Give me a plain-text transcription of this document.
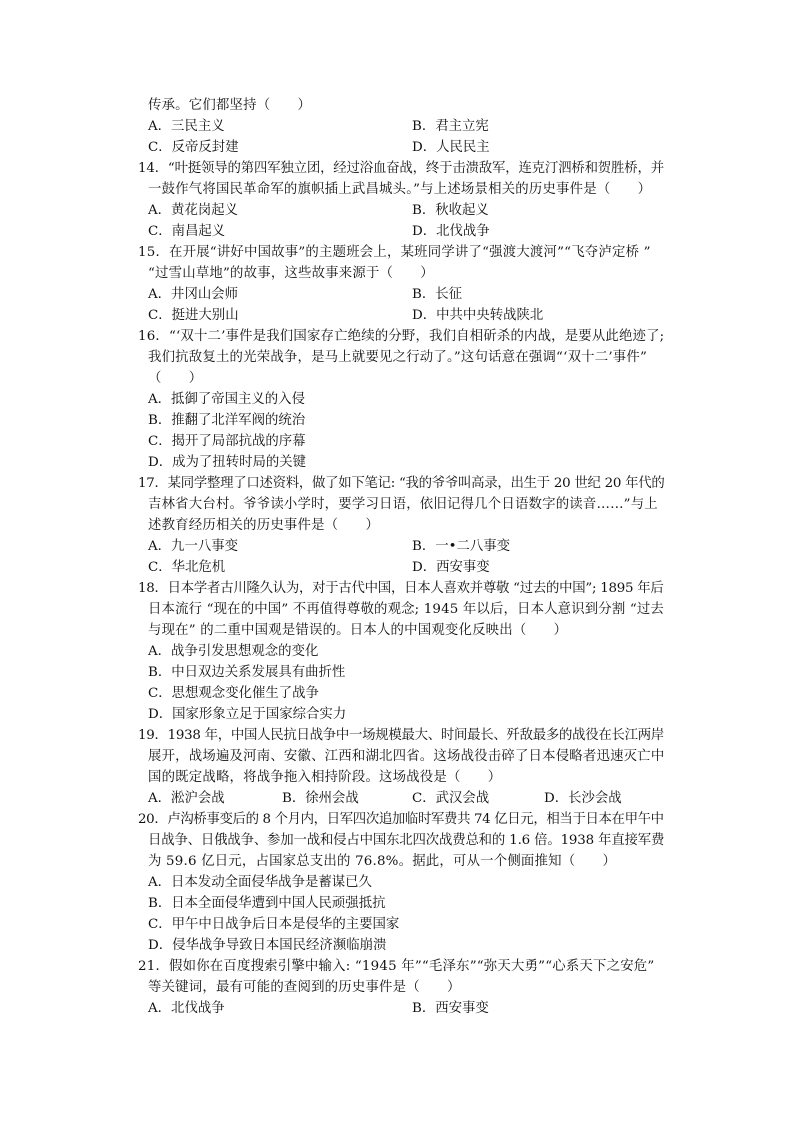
传承。它们都坚持（　　）
A．三民主义	B．君主立宪
C．反帝反封建	D．人民民主
14．“叶挺领导的第四军独立团，经过浴血奋战，终于击溃敌军，连克汀泗桥和贺胜桥，并
一鼓作气将国民革命军的旗帜插上武昌城头。”与上述场景相关的历史事件是（　　）
A．黄花岗起义	B．秋收起义
C．南昌起义	D．北伐战争
15．在开展“讲好中国故事”的主题班会上，某班同学讲了“强渡大渡河”“飞夺泸定桥 ”
“过雪山草地”的故事，这些故事来源于（　　）
A．井冈山会师	B．长征
C．挺进大别山	D．中共中央转战陕北
16．“‘双十二’事件是我们国家存亡绝续的分野，我们自相斫杀的内战，是要从此绝迹了;
我们抗敌复土的光荣战争，是马上就要见之行动了。”这句话意在强调“‘双十二’事件”
（　　）
A．抵御了帝国主义的入侵
B．推翻了北洋军阀的统治
C．揭开了局部抗战的序幕
D．成为了扭转时局的关键
17．某同学整理了口述资料，做了如下笔记: “我的爷爷叫高录，出生于 20 世纪 20 年代的
吉林省大台村。爷爷读小学时，要学习日语，依旧记得几个日语数字的读音……”与上
述教育经历相关的历史事件是（　　）
A．九一八事变	B．一•二八事变
C．华北危机	D．西安事变
18．日本学者古川隆久认为，对于古代中国，日本人喜欢并尊敬 “过去的中国”; 1895 年后
日本流行 “现在的中国” 不再值得尊敬的观念; 1945 年以后，日本人意识到分割 “过去
与现在” 的二重中国观是错误的。日本人的中国观变化反映出（　　）
A．战争引发思想观念的变化
B．中日双边关系发展具有曲折性
C．思想观念变化催生了战争
D．国家形象立足于国家综合实力
19．1938 年，中国人民抗日战争中一场规模最大、时间最长、歼敌最多的战役在长江两岸
展开，战场遍及河南、安徽、江西和湖北四省。这场战役击碎了日本侵略者迅速灭亡中
国的既定战略，将战争拖入相持阶段。这场战役是（　　）
A．淞沪会战	B．徐州会战	C．武汉会战	D．长沙会战
20．卢沟桥事变后的 8 个月内，日军四次追加临时军费共 74 亿日元，相当于日本在甲午中
日战争、日俄战争、参加一战和侵占中国东北四次战费总和的 1.6 倍。1938 年直接军费
为 59.6 亿日元，占国家总支出的 76.8%。据此，可从一个侧面推知（　　）
A．日本发动全面侵华战争是蓄谋已久
B．日本全面侵华遭到中国人民顽强抵抗
C．甲午中日战争后日本是侵华的主要国家
D．侵华战争导致日本国民经济濒临崩溃
21．假如你在百度搜索引擎中输入: “1945 年”“毛泽东”“弥天大勇”“心系天下之安危”
等关键词，最有可能的查阅到的历史事件是（　　）
A．北伐战争	B．西安事变
